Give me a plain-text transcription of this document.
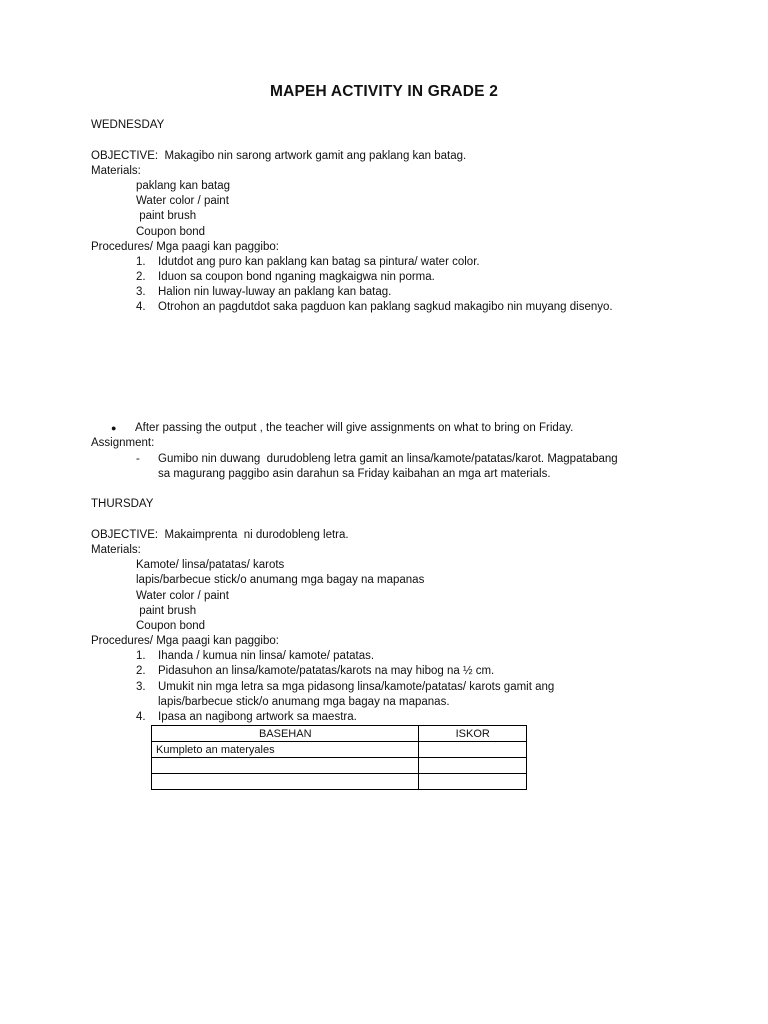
MAPEH ACTIVITY IN GRADE 2
WEDNESDAY
OBJECTIVE: Makagibo nin sarong artwork gamit ang paklang kan batag.
Materials:
paklang kan batag
Water color / paint
paint brush
Coupon bond
Procedures/ Mga paagi kan paggibo:
1. Idutdot ang puro kan paklang kan batag sa pintura/ water color.
2. Iduon sa coupon bond nganing magkaigwa nin porma.
3. Halion nin luway-luway an paklang kan batag.
4. Otrohon an pagdutdot saka pagduon kan paklang sagkud makagibo nin muyang disenyo.
● After passing the output , the teacher will give assignments on what to bring on Friday.
Assignment:
- Gumibo nin duwang  durudobleng letra gamit an linsa/kamote/patatas/karot. Magpatabang
sa magurang paggibo asin darahun sa Friday kaibahan an mga art materials.
THURSDAY
OBJECTIVE: Makaimprenta  ni durodobleng letra.
Materials:
Kamote/ linsa/patatas/ karots
lapis/barbecue stick/o anumang mga bagay na mapanas
Water color / paint
paint brush
Coupon bond
Procedures/ Mga paagi kan paggibo:
1. Ihanda / kumua nin linsa/ kamote/ patatas.
2. Pidasuhon an linsa/kamote/patatas/karots na may hibog na ½ cm.
3. Umukit nin mga letra sa mga pidasong linsa/kamote/patatas/ karots gamit ang
lapis/barbecue stick/o anumang mga bagay na mapanas.
4. Ipasa an nagibong artwork sa maestra.
BASEHAN	ISKOR
Kumpleto an materyales	
